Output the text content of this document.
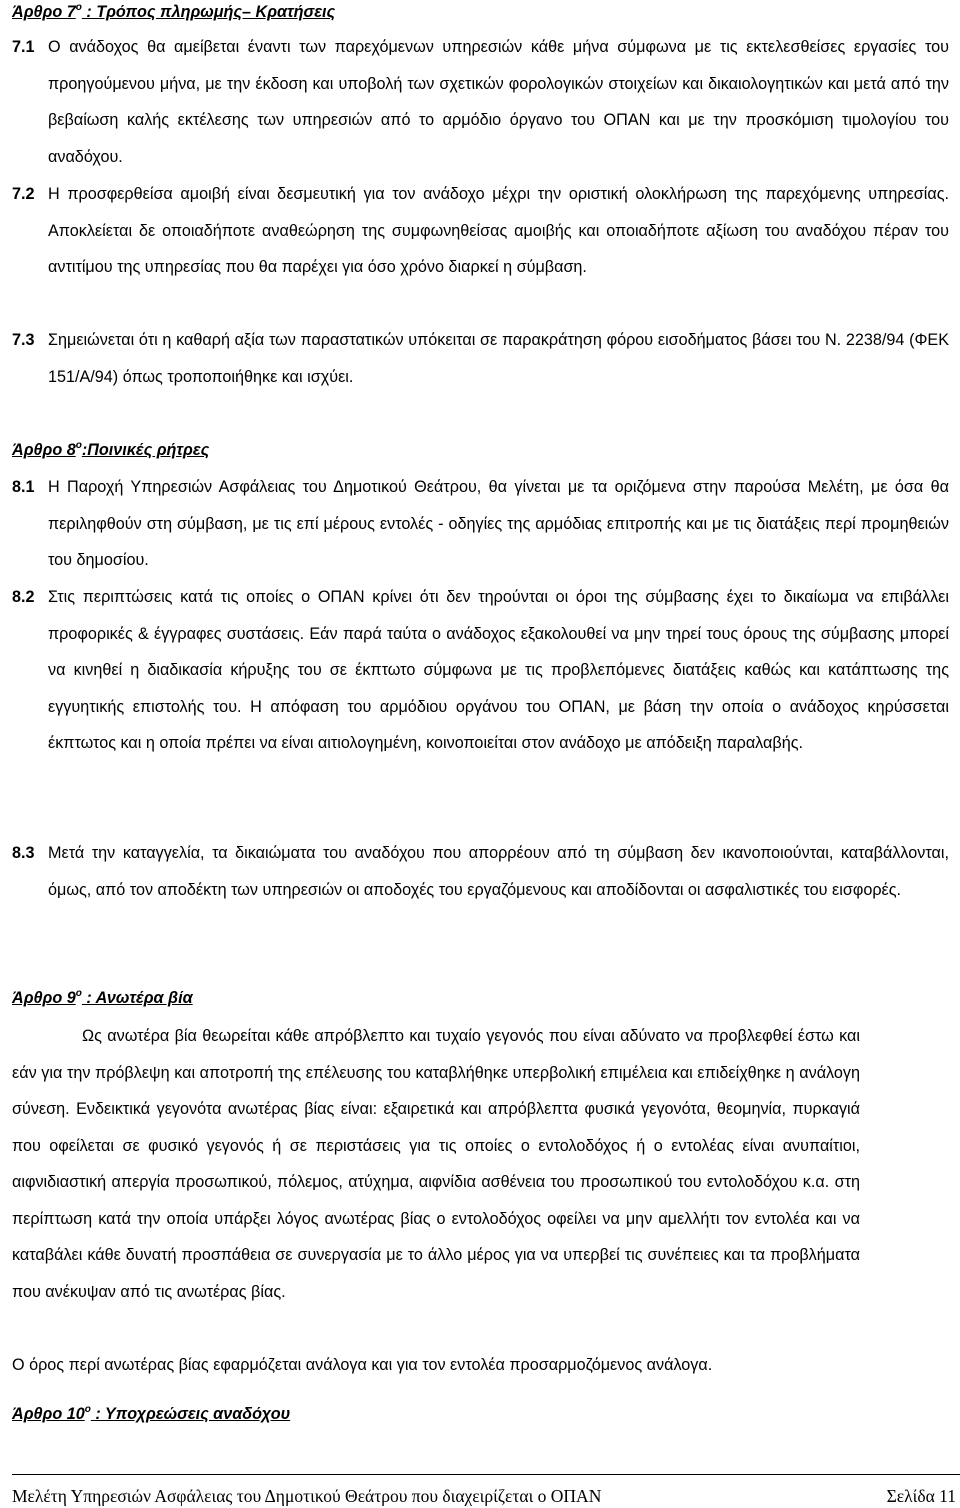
Άρθρο $7^o$ : Τρόπος πληρωμής– Κρατήσεις
7.1 Ο ανάδοχος θα αμείβεται έναντι των παρεχόμενων υπηρεσιών κάθε μήνα σύμφωνα με τις εκτελεσθείσες εργασίες του προηγούμενου μήνα, με την έκδοση και υποβολή των σχετικών φορολογικών στοιχείων και δικαιολογητικών και μετά από την βεβαίωση καλής εκτέλεσης των υπηρεσιών από το αρμόδιο όργανο του ΟΠΑΝ και με την προσκόμιση τιμολογίου του αναδόχου.
7.2 Η προσφερθείσα αμοιβή είναι δεσμευτική για τον ανάδοχο μέχρι την οριστική ολοκλήρωση της παρεχόμενης υπηρεσίας. Αποκλείεται δε οποιαδήποτε αναθεώρηση της συμφωνηθείσας αμοιβής και οποιαδήποτε αξίωση του αναδόχου πέραν του αντιτίμου της υπηρεσίας που θα παρέχει για όσο χρόνο διαρκεί η σύμβαση.
7.3 Σημειώνεται ότι η καθαρή αξία των παραστατικών υπόκειται σε παρακράτηση φόρου εισοδήματος βάσει του Ν. 2238/94 (ΦΕΚ 151/Α/94) όπως τροποποιήθηκε και ισχύει.
Άρθρο $8^o:\Pi o\iota\nu\iota\kappa έ\varsigma$ ρήτρες
8.1 Η Παροχή Υπηρεσιών Ασφάλειας του Δημοτικού Θεάτρου, θα γίνεται με τα οριζόμενα στην παρούσα Μελέτη, με όσα θα περιληφθούν στη σύμβαση, με τις επί μέρους εντολές - οδηγίες της αρμόδιας επιτροπής και με τις διατάξεις περί προμηθειών του δημοσίου.
8.2 Στις περιπτώσεις κατά τις οποίες ο ΟΠΑΝ κρίνει ότι δεν τηρούνται οι όροι της σύμβασης έχει το δικαίωμα να επιβάλλει προφορικές & έγγραφες συστάσεις. Εάν παρά ταύτα ο ανάδοχος εξακολουθεί να μην τηρεί τους όρους της σύμβασης μπορεί να κινηθεί η διαδικασία κήρυξης του σε έκπτωτο σύμφωνα με τις προβλεπόμενες διατάξεις καθώς και κατάπτωσης της εγγυητικής επιστολής του. Η απόφαση του αρμόδιου οργάνου του ΟΠΑΝ, με βάση την οποία ο ανάδοχος κηρύσσεται έκπτωτος και η οποία πρέπει να είναι αιτιολογημένη, κοινοποιείται στον ανάδοχο με απόδειξη παραλαβής.
8.3 Μετά την καταγγελία, τα δικαιώματα του αναδόχου που απορρέουν από τη σύμβαση δεν ικανοποιούνται, καταβάλλονται, όμως, από τον αποδέκτη των υπηρεσιών οι αποδοχές του εργαζόμενους και αποδίδονται οι ασφαλιστικές του εισφορές.
Άρθρο $9^o$ : Ανωτέρα βία
Ως ανωτέρα βία θεωρείται κάθε απρόβλεπτο και τυχαίο γεγονός που είναι αδύνατο να προβλεφθεί έστω και εάν για την πρόβλεψη και αποτροπή της επέλευσης του καταβλήθηκε υπερβολική επιμέλεια και επιδείχθηκε η ανάλογη σύνεση. Ενδεικτικά γεγονότα ανωτέρας βίας είναι: εξαιρετικά και απρόβλεπτα φυσικά γεγονότα, θεομηνία, πυρκαγιά που οφείλεται σε φυσικό γεγονός ή σε περιστάσεις για τις οποίες ο εντολοδόχος ή ο εντολέας είναι ανυπαίτιοι, αιφνιδιαστική απεργία προσωπικού, πόλεμος, ατύχημα, αιφνίδια ασθένεια του προσωπικού του εντολοδόχου κ.α. στη περίπτωση κατά την οποία υπάρξει λόγος ανωτέρας βίας ο εντολοδόχος οφείλει να μην αμελλήτι τον εντολέα και να καταβάλει κάθε δυνατή προσπάθεια σε συνεργασία με το άλλο μέρος για να υπερβεί τις συνέπειες και τα προβλήματα που ανέκυψαν από τις ανωτέρας βίας.
Ο όρος περί ανωτέρας βίας εφαρμόζεται ανάλογα και για τον εντολέα προσαρμοζόμενος ανάλογα.
Άρθρο $10^o$ : Υποχρεώσεις αναδόχου
Μελέτη Υπηρεσιών Ασφάλειας του Δημοτικού Θεάτρου που διαχειρίζεται ο ΟΠΑΝ	Σελίδα 11
